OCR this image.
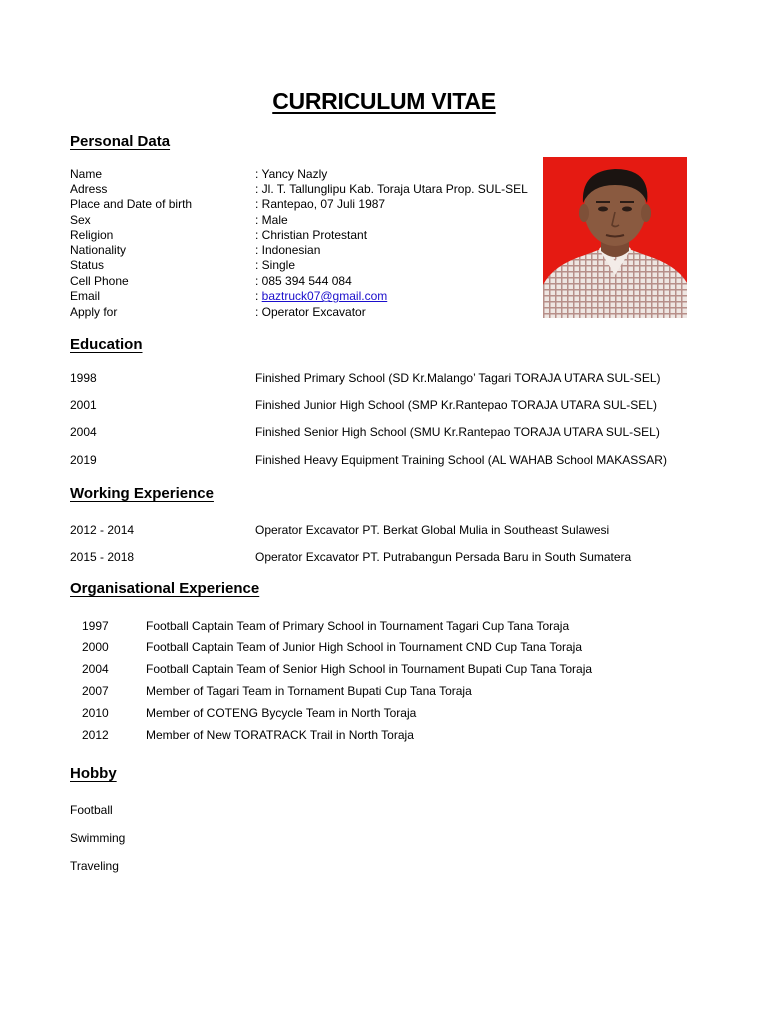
CURRICULUM VITAE
Personal Data
Name	: Yancy Nazly
Adress	: Jl. T. Tallunglipu Kab. Toraja Utara Prop. SUL-SEL
Place and Date of birth	: Rantepao, 07 Juli 1987
Sex	: Male
Religion	: Christian Protestant
Nationality	: Indonesian
Status	: Single
Cell Phone	: 085 394 544 084
Email	: baztruck07@gmail.com
Apply for	: Operator Excavator
Education
1998	Finished Primary School (SD Kr.Malango’ Tagari TORAJA UTARA SUL-SEL)
2001	Finished Junior High School (SMP Kr.Rantepao TORAJA UTARA SUL-SEL)
2004	Finished Senior High School (SMU Kr.Rantepao TORAJA UTARA SUL-SEL)
2019	Finished Heavy Equipment Training School (AL WAHAB School MAKASSAR)
Working Experience
2012 - 2014	Operator Excavator PT. Berkat Global Mulia in Southeast Sulawesi
2015 - 2018	Operator Excavator PT. Putrabangun Persada Baru in South Sumatera
Organisational Experience
1997	Football Captain Team of Primary School in Tournament Tagari Cup Tana Toraja
2000	Football Captain Team of Junior High School in Tournament CND Cup Tana Toraja
2004	Football Captain Team of Senior High School in Tournament Bupati Cup Tana Toraja
2007	Member of Tagari Team in Tornament Bupati Cup Tana Toraja
2010	Member of COTENG Bycycle Team in North Toraja
2012	Member of New TORATRACK Trail in North Toraja
Hobby
Football
Swimming
Traveling
